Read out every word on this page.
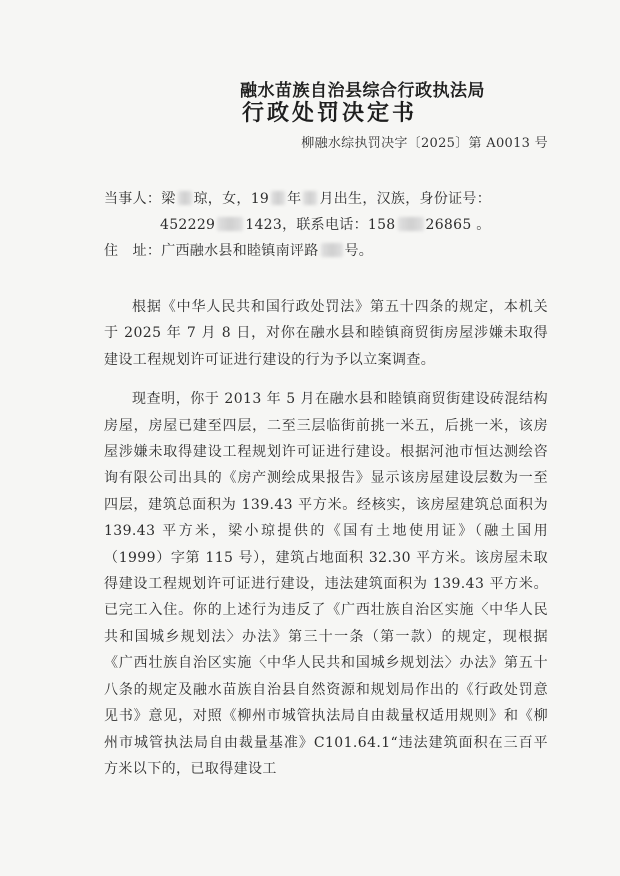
融水苗族自治县综合行政执法局
行政处罚决定书
柳融水综执罚决字〔2025〕第 A0013 号
当事人：梁 琼，女，19 年 月出生，汉族，身份证号：
452229 1423，联系电话：158 26865 。
住　址：广西融水县和睦镇南评路 号。

根据《中华人民共和国行政处罚法》第五十四条的规定，本机关于 2025 年 7 月 8 日，对你在融水县和睦镇商贸街房屋涉嫌未取得建设工程规划许可证进行建设的行为予以立案调查。

现查明，你于 2013 年 5 月在融水县和睦镇商贸街建设砖混结构房屋，房屋已建至四层，二至三层临街前挑一米五，后挑一米，该房屋涉嫌未取得建设工程规划许可证进行建设。根据河池市恒达测绘咨询有限公司出具的《房产测绘成果报告》显示该房屋建设层数为一至四层，建筑总面积为 139.43 平方米。经核实，该房屋建筑总面积为 139.43 平方米，梁小琼提供的《国有土地使用证》（融土国用（1999）字第 115 号），建筑占地面积 32.30 平方米。该房屋未取得建设工程规划许可证进行建设，违法建筑面积为 139.43 平方米。已完工入住。你的上述行为违反了《广西壮族自治区实施〈中华人民共和国城乡规划法〉办法》第三十一条（第一款）的规定，现根据《广西壮族自治区实施〈中华人民共和国城乡规划法〉办法》第五十八条的规定及融水苗族自治县自然资源和规划局作出的《行政处罚意见书》意见，对照《柳州市城管执法局自由裁量权适用规则》和《柳州市城管执法局自由裁量基准》C101.64.1“违法建筑面积在三百平方米以下的，已取得建设工
